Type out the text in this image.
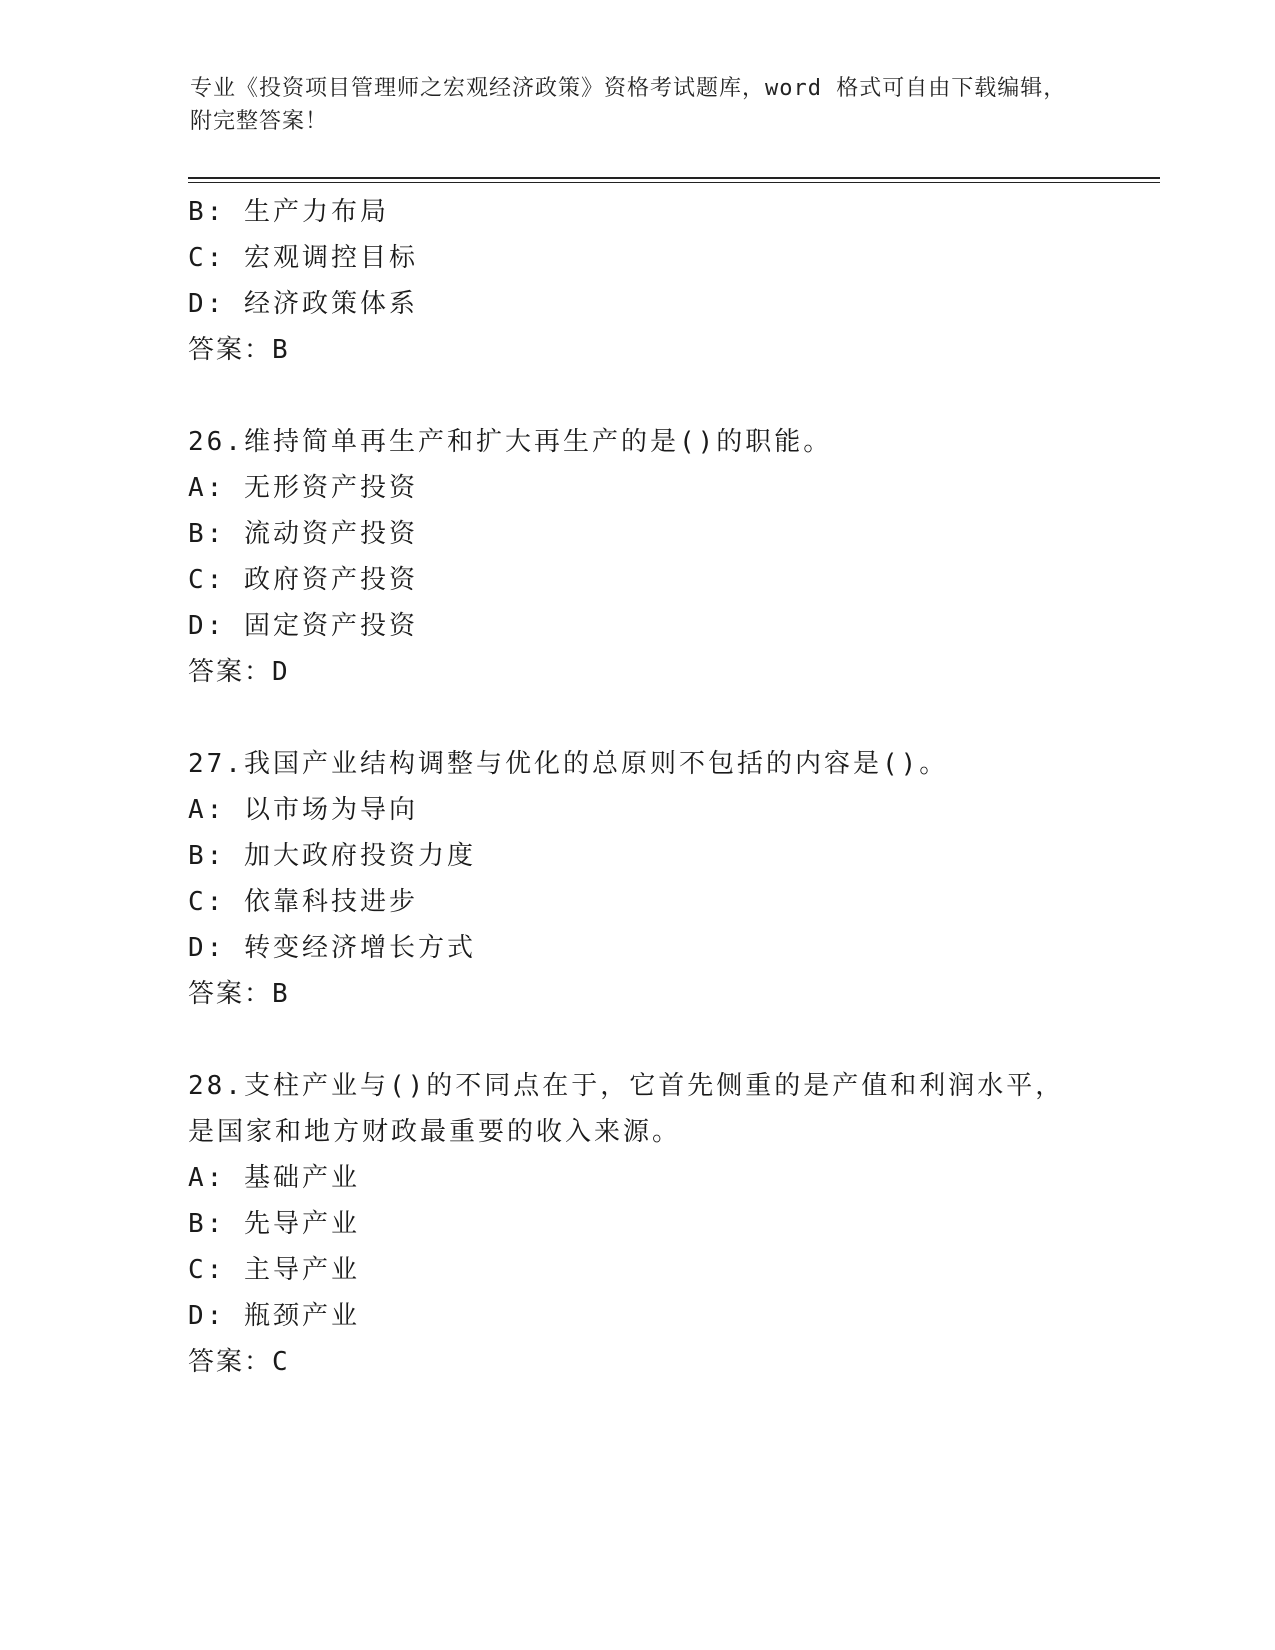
专业《投资项目管理师之宏观经济政策》资格考试题库，word 格式可自由下载编辑，附完整答案！
B: 生产力布局
C: 宏观调控目标
D: 经济政策体系
答案：B
26.维持简单再生产和扩大再生产的是()的职能。
A: 无形资产投资
B: 流动资产投资
C: 政府资产投资
D: 固定资产投资
答案：D
27.我国产业结构调整与优化的总原则不包括的内容是()。
A: 以市场为导向
B: 加大政府投资力度
C: 依靠科技进步
D: 转变经济增长方式
答案：B
28.支柱产业与()的不同点在于，它首先侧重的是产值和利润水平，是国家和地方财政最重要的收入来源。
A: 基础产业
B: 先导产业
C: 主导产业
D: 瓶颈产业
答案：C
